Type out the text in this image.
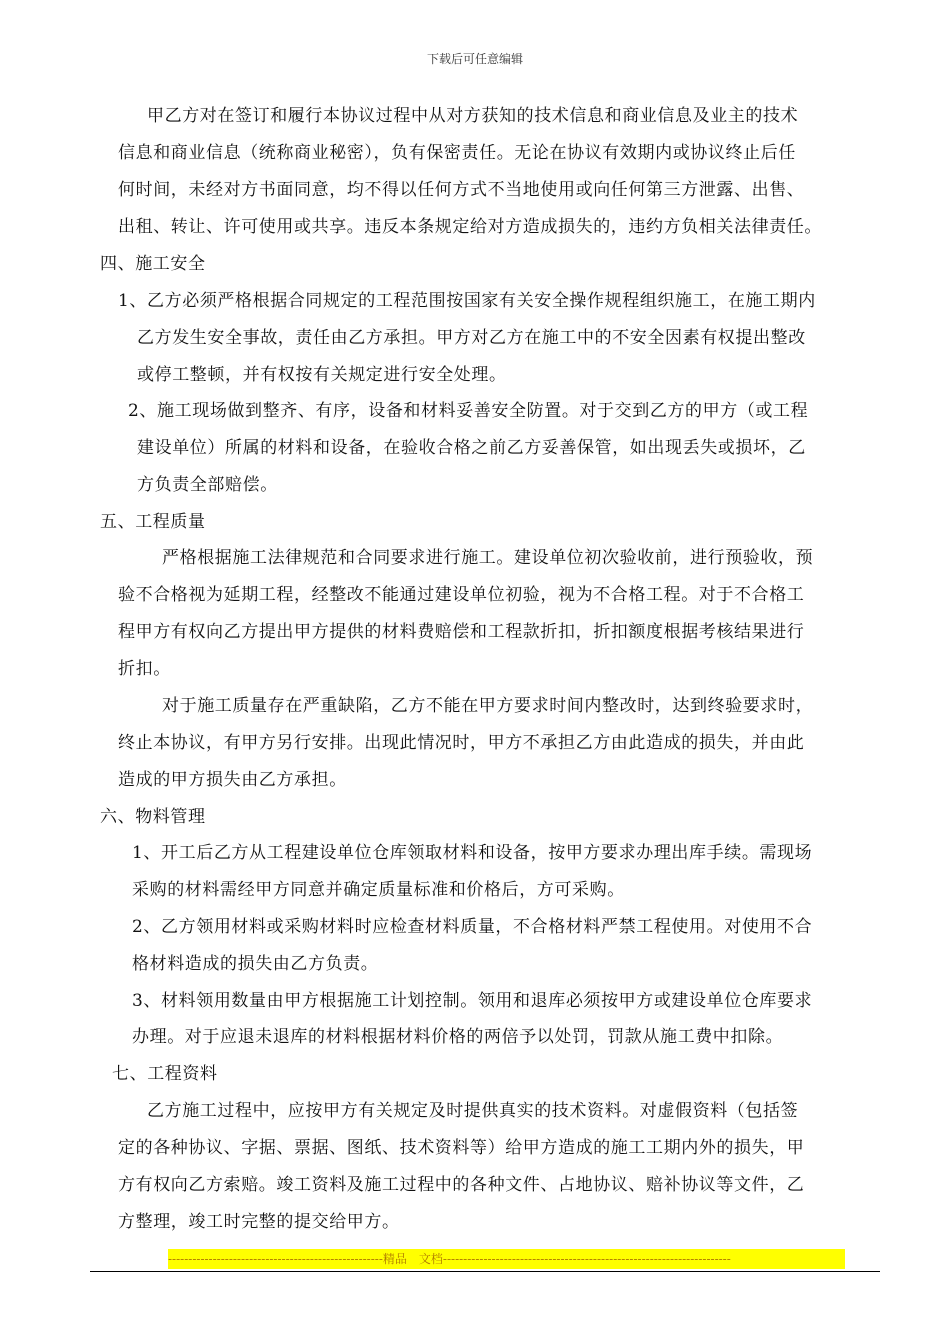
下载后可任意编辑
甲乙方对在签订和履行本协议过程中从对方获知的技术信息和商业信息及业主的技术
信息和商业信息（统称商业秘密），负有保密责任。无论在协议有效期内或协议终止后任
何时间，未经对方书面同意，均不得以任何方式不当地使用或向任何第三方泄露、出售、
出租、转让、许可使用或共享。违反本条规定给对方造成损失的，违约方负相关法律责任。
四、施工安全
1、乙方必须严格根据合同规定的工程范围按国家有关安全操作规程组织施工，在施工期内
乙方发生安全事故，责任由乙方承担。甲方对乙方在施工中的不安全因素有权提出整改
或停工整顿，并有权按有关规定进行安全处理。
2、施工现场做到整齐、有序，设备和材料妥善安全防置。对于交到乙方的甲方（或工程
建设单位）所属的材料和设备，在验收合格之前乙方妥善保管，如出现丢失或损坏，乙
方负责全部赔偿。
五、工程质量
严格根据施工法律规范和合同要求进行施工。建设单位初次验收前，进行预验收，预
验不合格视为延期工程，经整改不能通过建设单位初验，视为不合格工程。对于不合格工
程甲方有权向乙方提出甲方提供的材料费赔偿和工程款折扣，折扣额度根据考核结果进行
折扣。
对于施工质量存在严重缺陷，乙方不能在甲方要求时间内整改时，达到终验要求时，
终止本协议，有甲方另行安排。出现此情况时，甲方不承担乙方由此造成的损失，并由此
造成的甲方损失由乙方承担。
六、物料管理
1、开工后乙方从工程建设单位仓库领取材料和设备，按甲方要求办理出库手续。需现场
采购的材料需经甲方同意并确定质量标准和价格后，方可采购。
2、乙方领用材料或采购材料时应检查材料质量，不合格材料严禁工程使用。对使用不合
格材料造成的损失由乙方负责。
3、材料领用数量由甲方根据施工计划控制。领用和退库必须按甲方或建设单位仓库要求
办理。对于应退未退库的材料根据材料价格的两倍予以处罚，罚款从施工费中扣除。
七、工程资料
乙方施工过程中，应按甲方有关规定及时提供真实的技术资料。对虚假资料（包括签
定的各种协议、字据、票据、图纸、技术资料等）给甲方造成的施工工期内外的损失，甲
方有权向乙方索赔。竣工资料及施工过程中的各种文件、占地协议、赔补协议等文件，乙
方整理，竣工时完整的提交给甲方。
-----------------------------------------------------精品　文档-----------------------------------------------------------------------
